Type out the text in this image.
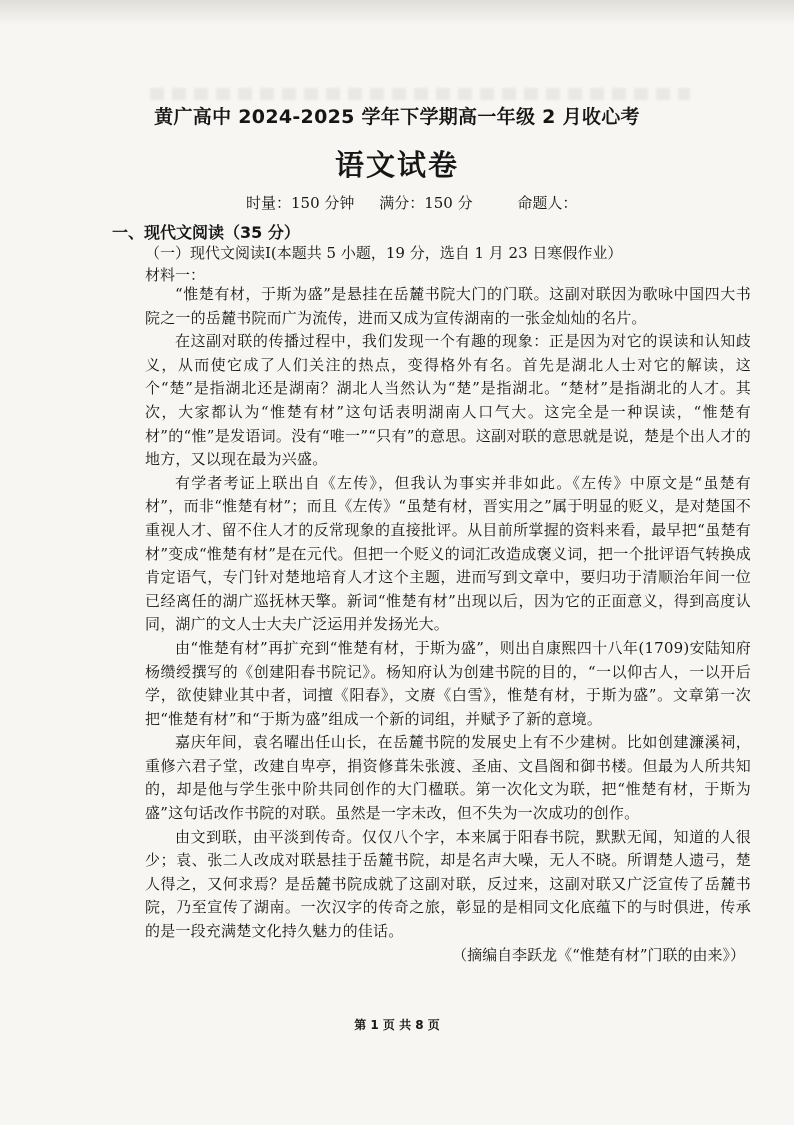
黄广高中 2024-2025 学年下学期高一年级 2 月收心考
语文试卷
时量：150 分钟 满分：150 分	命题人：
一、现代文阅读（35 分）
（一）现代文阅读Ⅰ(本题共 5 小题，19 分，选自 1 月 23 日寒假作业）
材料一：

“惟楚有材，于斯为盛”是悬挂在岳麓书院大门的门联。这副对联因为歌咏中国四大书院之一的岳麓书院而广为流传，进而又成为宣传湖南的一张金灿灿的名片。

在这副对联的传播过程中，我们发现一个有趣的现象：正是因为对它的误读和认知歧义，从而使它成了人们关注的热点，变得格外有名。首先是湖北人士对它的解读，这个“楚”是指湖北还是湖南？湖北人当然认为“楚”是指湖北。“楚材”是指湖北的人才。其次，大家都认为“惟楚有材”这句话表明湖南人口气大。这完全是一种误读，“惟楚有材”的“惟”是发语词。没有“唯一”“只有”的意思。这副对联的意思就是说，楚是个出人才的地方，又以现在最为兴盛。

有学者考证上联出自《左传》，但我认为事实并非如此。《左传》中原文是“虽楚有材”，而非“惟楚有材”；而且《左传》“虽楚有材，晋实用之”属于明显的贬义，是对楚国不重视人才、留不住人才的反常现象的直接批评。从目前所掌握的资料来看，最早把“虽楚有材”变成“惟楚有材”是在元代。但把一个贬义的词汇改造成褒义词，把一个批评语气转换成肯定语气，专门针对楚地培育人才这个主题，进而写到文章中，要归功于清顺治年间一位已经离任的湖广巡抚林天擎。新词“惟楚有材”出现以后，因为它的正面意义，得到高度认同，湖广的文人士大夫广泛运用并发扬光大。

由“惟楚有材”再扩充到“惟楚有材，于斯为盛”，则出自康熙四十八年(1709)安陆知府杨缵绶撰写的《创建阳春书院记》。杨知府认为创建书院的目的，“一以仰古人，一以开后学，欲使肄业其中者，词擅《阳春》，文赓《白雪》，惟楚有材，于斯为盛”。文章第一次把“惟楚有材”和“于斯为盛”组成一个新的词组，并赋予了新的意境。

嘉庆年间，袁名曜出任山长，在岳麓书院的发展史上有不少建树。比如创建濂溪祠，重修六君子堂，改建自卑亭，捐资修葺朱张渡、圣庙、文昌阁和御书楼。但最为人所共知的，却是他与学生张中阶共同创作的大门楹联。第一次化文为联，把“惟楚有材，于斯为盛”这句话改作书院的对联。虽然是一字未改，但不失为一次成功的创作。

由文到联，由平淡到传奇。仅仅八个字，本来属于阳春书院，默默无闻，知道的人很少；袁、张二人改成对联悬挂于岳麓书院，却是名声大噪，无人不晓。所谓楚人遗弓，楚人得之，又何求焉？是岳麓书院成就了这副对联，反过来，这副对联又广泛宣传了岳麓书院，乃至宣传了湖南。一次汉字的传奇之旅，彰显的是相同文化底蕴下的与时俱进，传承的是一段充满楚文化持久魅力的佳话。

（摘编自李跃龙《“惟楚有材”门联的由来》）

第 1 页 共 8 页
